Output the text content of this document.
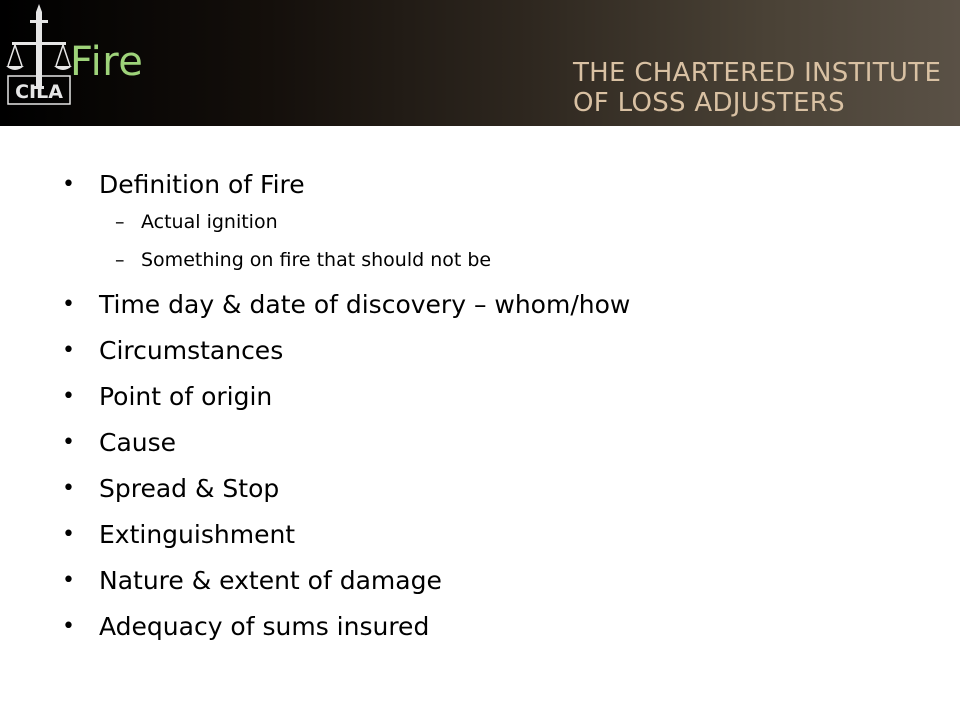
CILA
Fire	THE CHARTERED INSTITUTE
OF LOSS ADJUSTERS
• Definition of Fire
– Actual ignition
– Something on fire that should not be
• Time day & date of discovery – whom/how
• Circumstances
• Point of origin
• Cause
• Spread & Stop
• Extinguishment
• Nature & extent of damage
• Adequacy of sums insured
